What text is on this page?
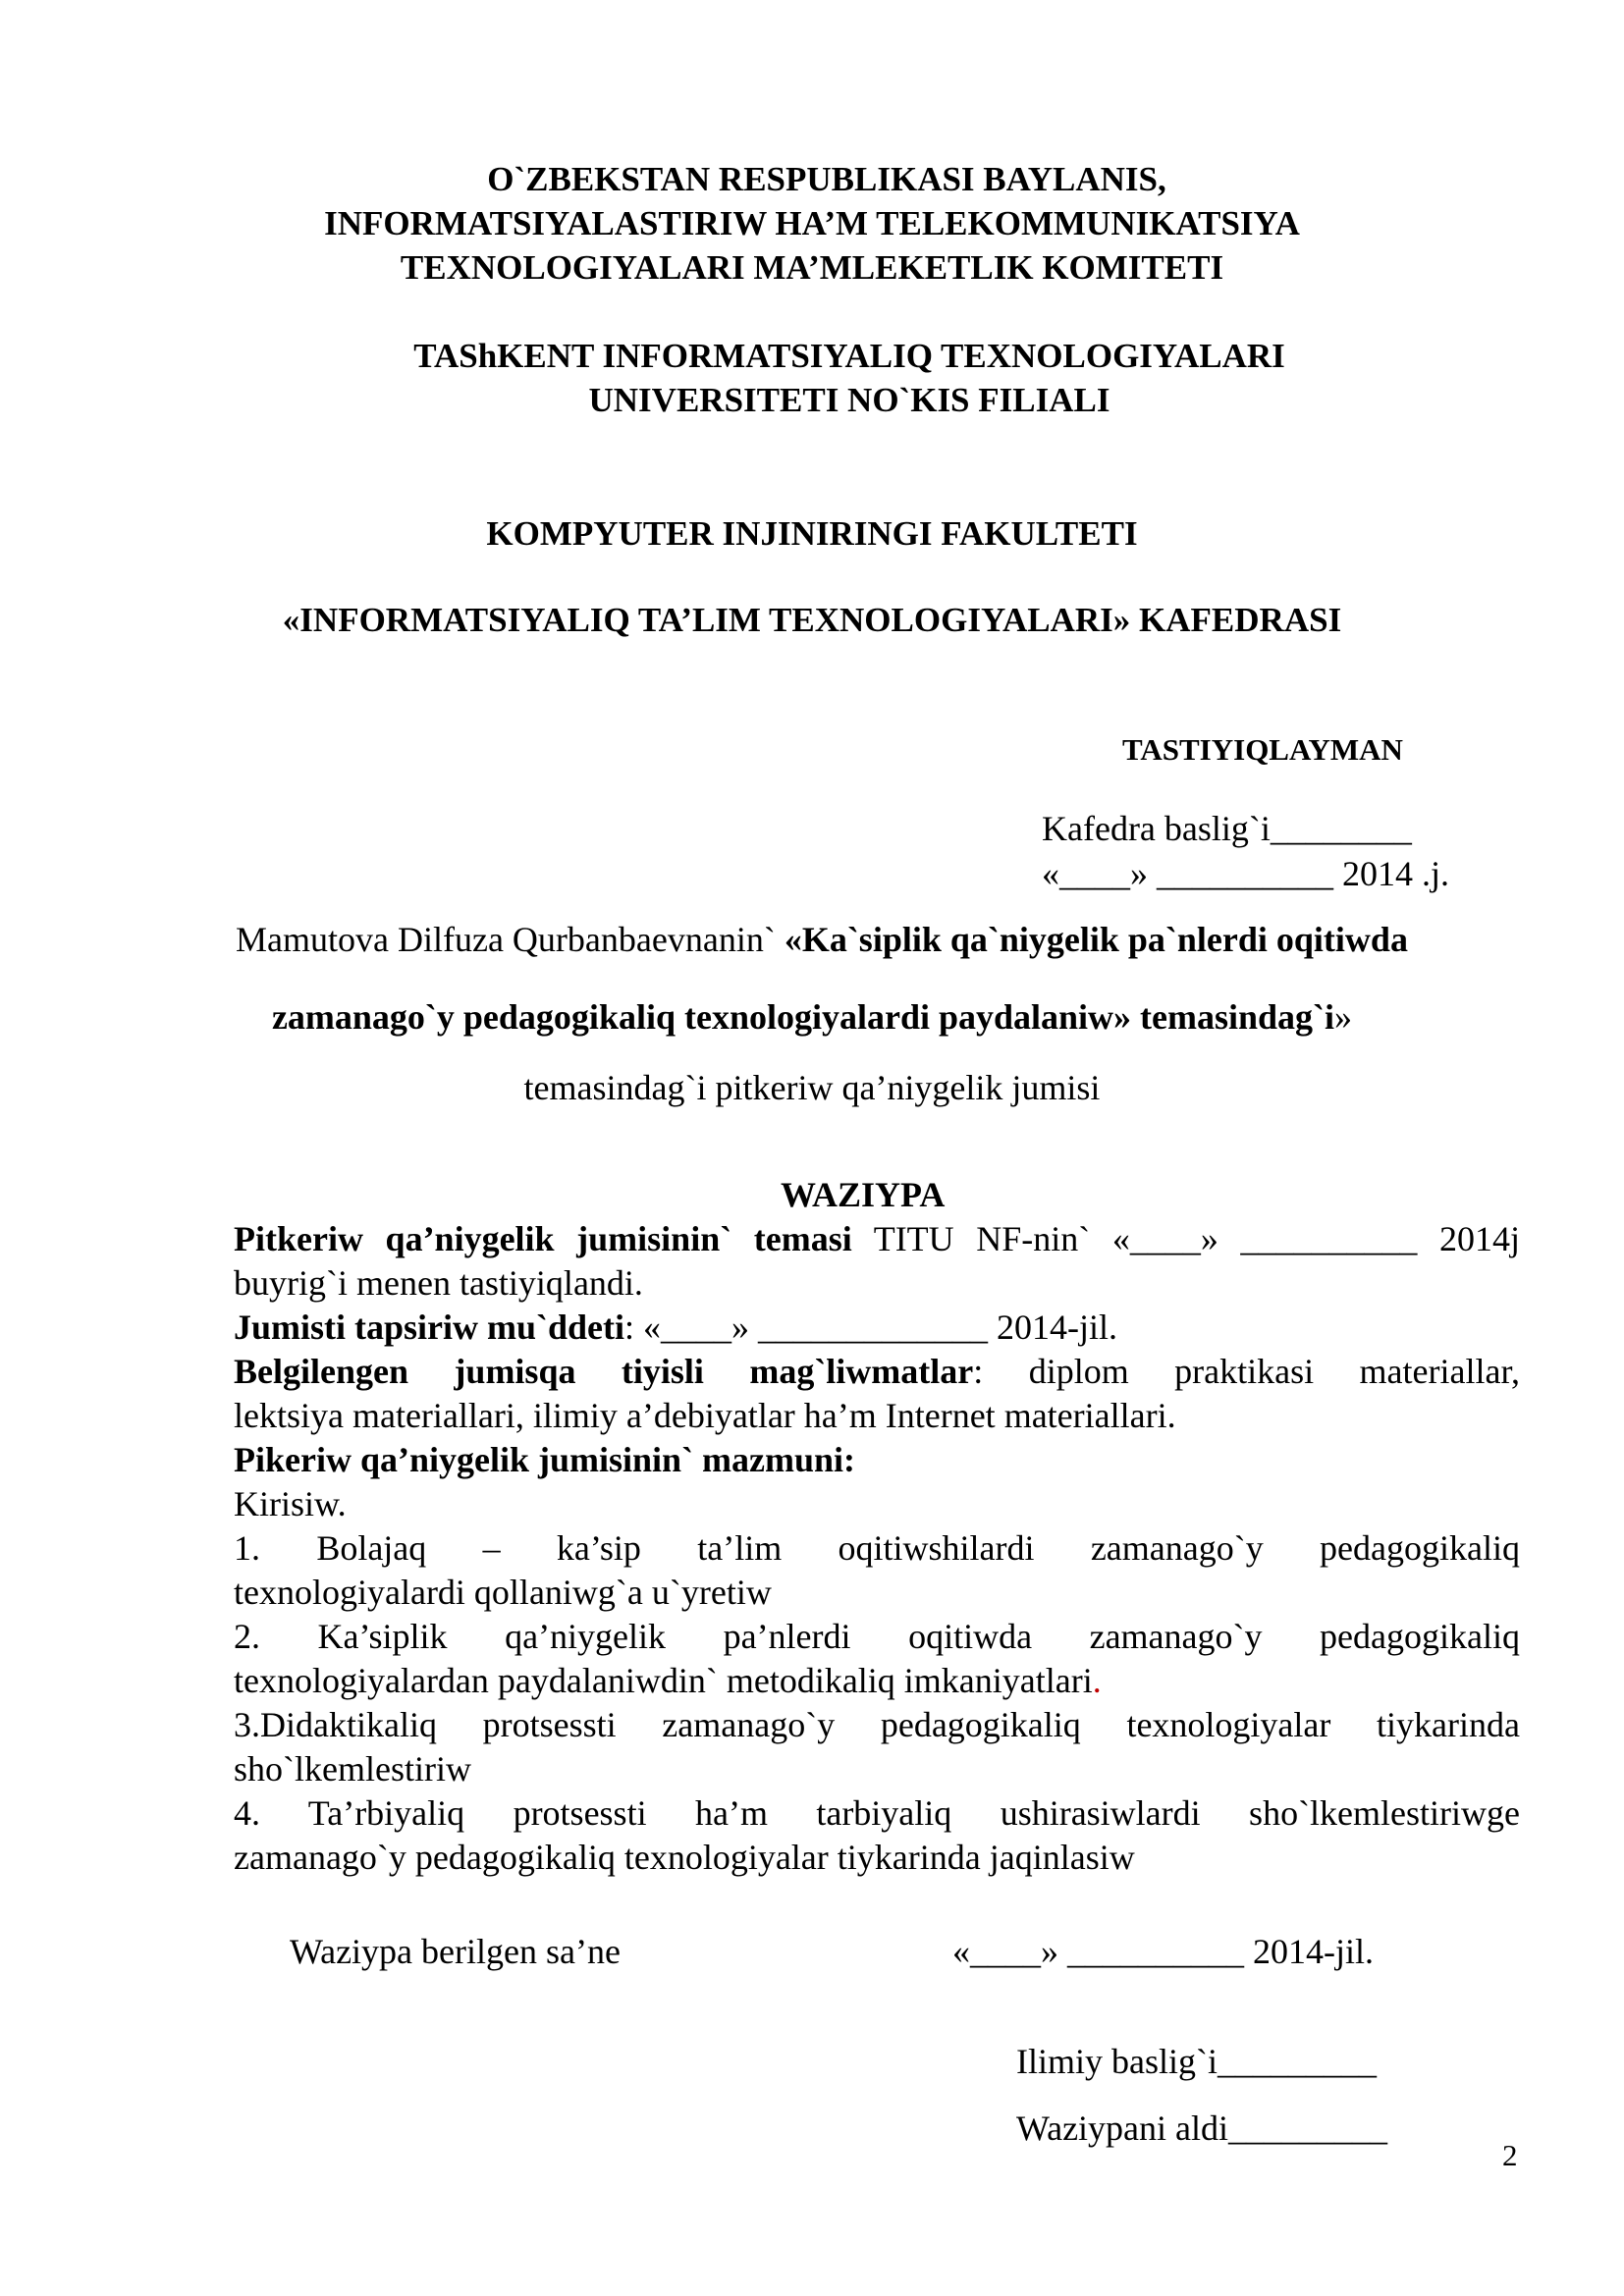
O`ZBEKSTAN RESPUBLIKASI BAYLANIS,
INFORMATSIYALASTIRIW HA’M TELEKOMMUNIKATSIYA
TEXNOLOGIYALARI MA’MLEKETLIK KOMITETI
TAShKENT INFORMATSIYALIQ TEXNOLOGIYALARI
UNIVERSITETI NO`KIS FILIALI
KOMPYUTER INJINIRINGI FAKULTETI
«INFORMATSIYALIQ TA’LIM TEXNOLOGIYALARI» KAFEDRASI
TASTIYIQLAYMAN
Kafedra baslig`i________
«____» __________ 2014 .j.
Mamutova Dilfuza Qurbanbaevnanin` «Ka`siplik qa`niygelik pa`nlerdi oqitiwda
zamanago`y pedagogikaliq texnologiyalardi paydalaniw» temasindag`i»
temasindag`i pitkeriw qa’niygelik jumisi
WAZIYPA
Pitkeriw qa’niygelik jumisinin` temasi TITU NF-nin` «____» __________ 2014j
buyrig`i menen tastiyiqlandi.
Jumisti tapsiriw mu`ddeti: «____» _____________ 2014-jil.
Belgilengen jumisqa tiyisli mag`liwmatlar: diplom praktikasi materiallar,
lektsiya materiallari, ilimiy a’debiyatlar ha’m Internet materiallari.
Pikeriw qa’niygelik jumisinin` mazmuni:
Kirisiw.
1. Bolajaq – ka’sip ta’lim oqitiwshilardi zamanago`y pedagogikaliq
texnologiyalardi qollaniwg`a u`yretiw
2. Ka’siplik qa’niygelik pa’nlerdi oqitiwda zamanago`y pedagogikaliq
texnologiyalardan paydalaniwdin` metodikaliq imkaniyatlari.
3.Didaktikaliq protsessti zamanago`y pedagogikaliq texnologiyalar tiykarinda
sho`lkemlestiriw
4. Ta’rbiyaliq protsessti ha’m tarbiyaliq ushirasiwlardi sho`lkemlestiriwge
zamanago`y pedagogikaliq texnologiyalar tiykarinda jaqinlasiw
Waziypa berilgen sa’ne	«____» __________ 2014-jil.
Ilimiy baslig`i_________
Waziypani aldi_________
2
